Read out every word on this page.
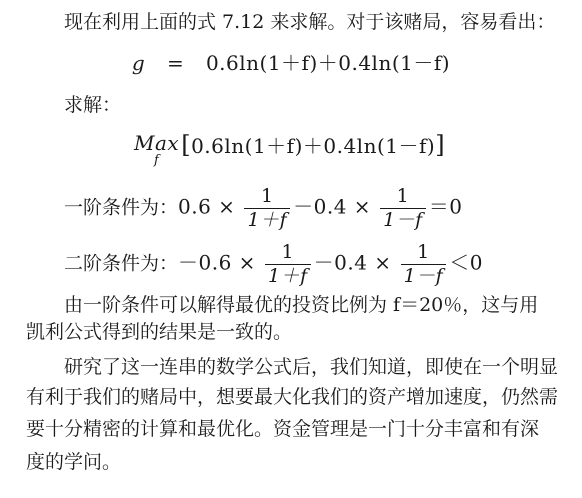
现在利用上面的式 7.12 来求解。对于该赌局，容易看出：
g = 0.6ln(1＋f)＋0.4ln(1－f)
求解：
Max
f
[0.6ln(1＋f)＋0.4ln(1－f)]
一阶条件为：$0.6 \times \frac{1}{1+f} -0.4 \times \frac{1}{1-f} =0$
二阶条件为：$-0.6 \times \frac{1}{1+f} -0.4 \times \frac{1}{1-f} <0$
由一阶条件可以解得最优的投资比例为 f＝20％，这与用
凯利公式得到的结果是一致的。
研究了这一连串的数学公式后，我们知道，即使在一个明显
有利于我们的赌局中，想要最大化我们的资产增加速度，仍然需
要十分精密的计算和最优化。资金管理是一门十分丰富和有深
度的学问。
